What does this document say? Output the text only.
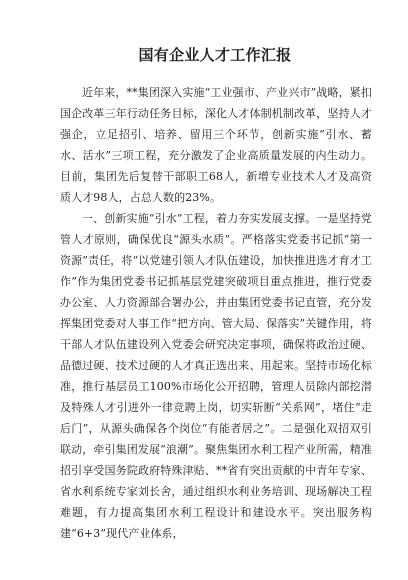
国有企业人才工作汇报

近年来，**集团深入实施“工业强市、产业兴市”战略，紧扣国企改革三年行动任务目标，深化人才体制机制改革，坚持人才强企，立足招引、培养、留用三个环节，创新实施“引水、蓄水、活水”三项工程，充分激发了企业高质量发展的内生动力。目前，集团先后复替干部职工68人，新增专业技术人才及高资质人才98人，占总人数的23%。

一、创新实施“引水”工程，着力夯实发展支撑。一是坚持党管人才原则，确保优良“源头水质”。严格落实党委书记抓“第一资源”责任，将“以党建引领人才队伍建设，加快推进选才育才工作”作为集团党委书记抓基层党建突破项目重点推进，推行党委办公室、人力资源部合署办公，并由集团党委书记直管，充分发挥集团党委对人事工作“把方向、管大局、保落实”关键作用，将干部人才队伍建设列入党委会研究决定事项，确保将政治过硬、品德过硬、技术过硬的人才真正选出来、用起来。坚持市场化标准，推行基层员工100%市场化公开招聘，管理人员除内部挖潜及特殊人才引进外一律竞聘上岗，切实斩断“关系网”，堵住“走后门”，从源头确保各个岗位“有能者居之”。二是强化双招双引联动，牵引集团发展“浪潮”。聚焦集团水利工程产业所需，精准招引享受国务院政府特殊津贴、**省有突出贡献的中青年专家、省水利系统专家刘长舍，通过组织水利业务培训、现场解决工程难题，有力提高集团水利工程设计和建设水平。突出服务构建“6+3”现代产业体系，
